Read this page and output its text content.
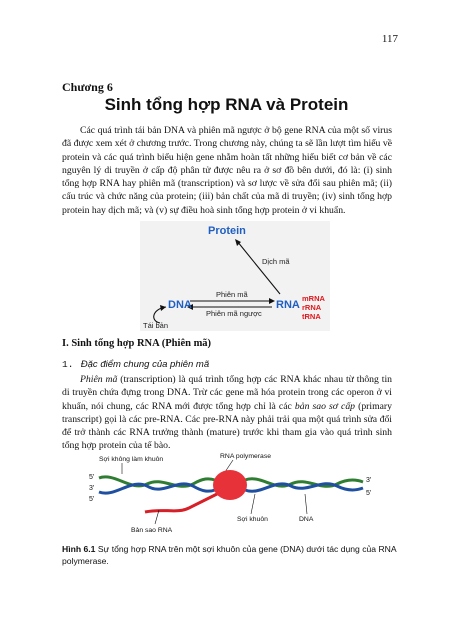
117
Chương 6
Sinh tổng hợp RNA và Protein

Các quá trình tái bản DNA và phiên mã ngược ở bộ gene RNA của một số virus đã được xem xét ở chương trước. Trong chương này, chúng ta sẽ lần lượt tìm hiểu về protein và các quá trình biểu hiện gene nhằm hoàn tất những hiểu biết cơ bản về các nguyên lý di truyền ở cấp độ phân tử được nêu ra ở sơ đồ bên dưới, đó là: (i) sinh tổng hợp RNA hay phiên mã (transcription) và sơ lược về sửa đổi sau phiên mã; (ii) cấu trúc và chức năng của protein; (iii) bản chất của mã di truyền; (iv) sinh tổng hợp protein hay dịch mã; và (v) sự điều hoà sinh tổng hợp protein ở vi khuẩn.

Protein
Dịch mã
Phiên mã
Phiên mã ngược
DNA	RNA
mRNA
rRNA
tRNA
Tái bản
I. Sinh tổng hợp RNA (Phiên mã)
1. Đặc điểm chung của phiên mã

Phiên mã (transcription) là quá trình tổng hợp các RNA khác nhau từ thông tin di truyền chứa đựng trong DNA. Trừ các gene mã hóa protein trong các operon ở vi khuẩn, nói chung, các RNA mới được tổng hợp chỉ là các bản sao sơ cấp (primary transcript) gọi là các pre-RNA. Các pre-RNA này phải trải qua một quá trình sửa đổi để trở thành các RNA trưởng thành (mature) trước khi tham gia vào quá trình sinh tổng hợp protein của tế bào.

Sợi không làm khuôn	RNA polymerase
5'
3'
5'
3'
5'
Bản sao RNA
Sợi khuôn	DNA
Hình 6.1 Sự tổng hợp RNA trên một sợi khuôn của gene (DNA) dưới tác dụng của RNA polymerase.
